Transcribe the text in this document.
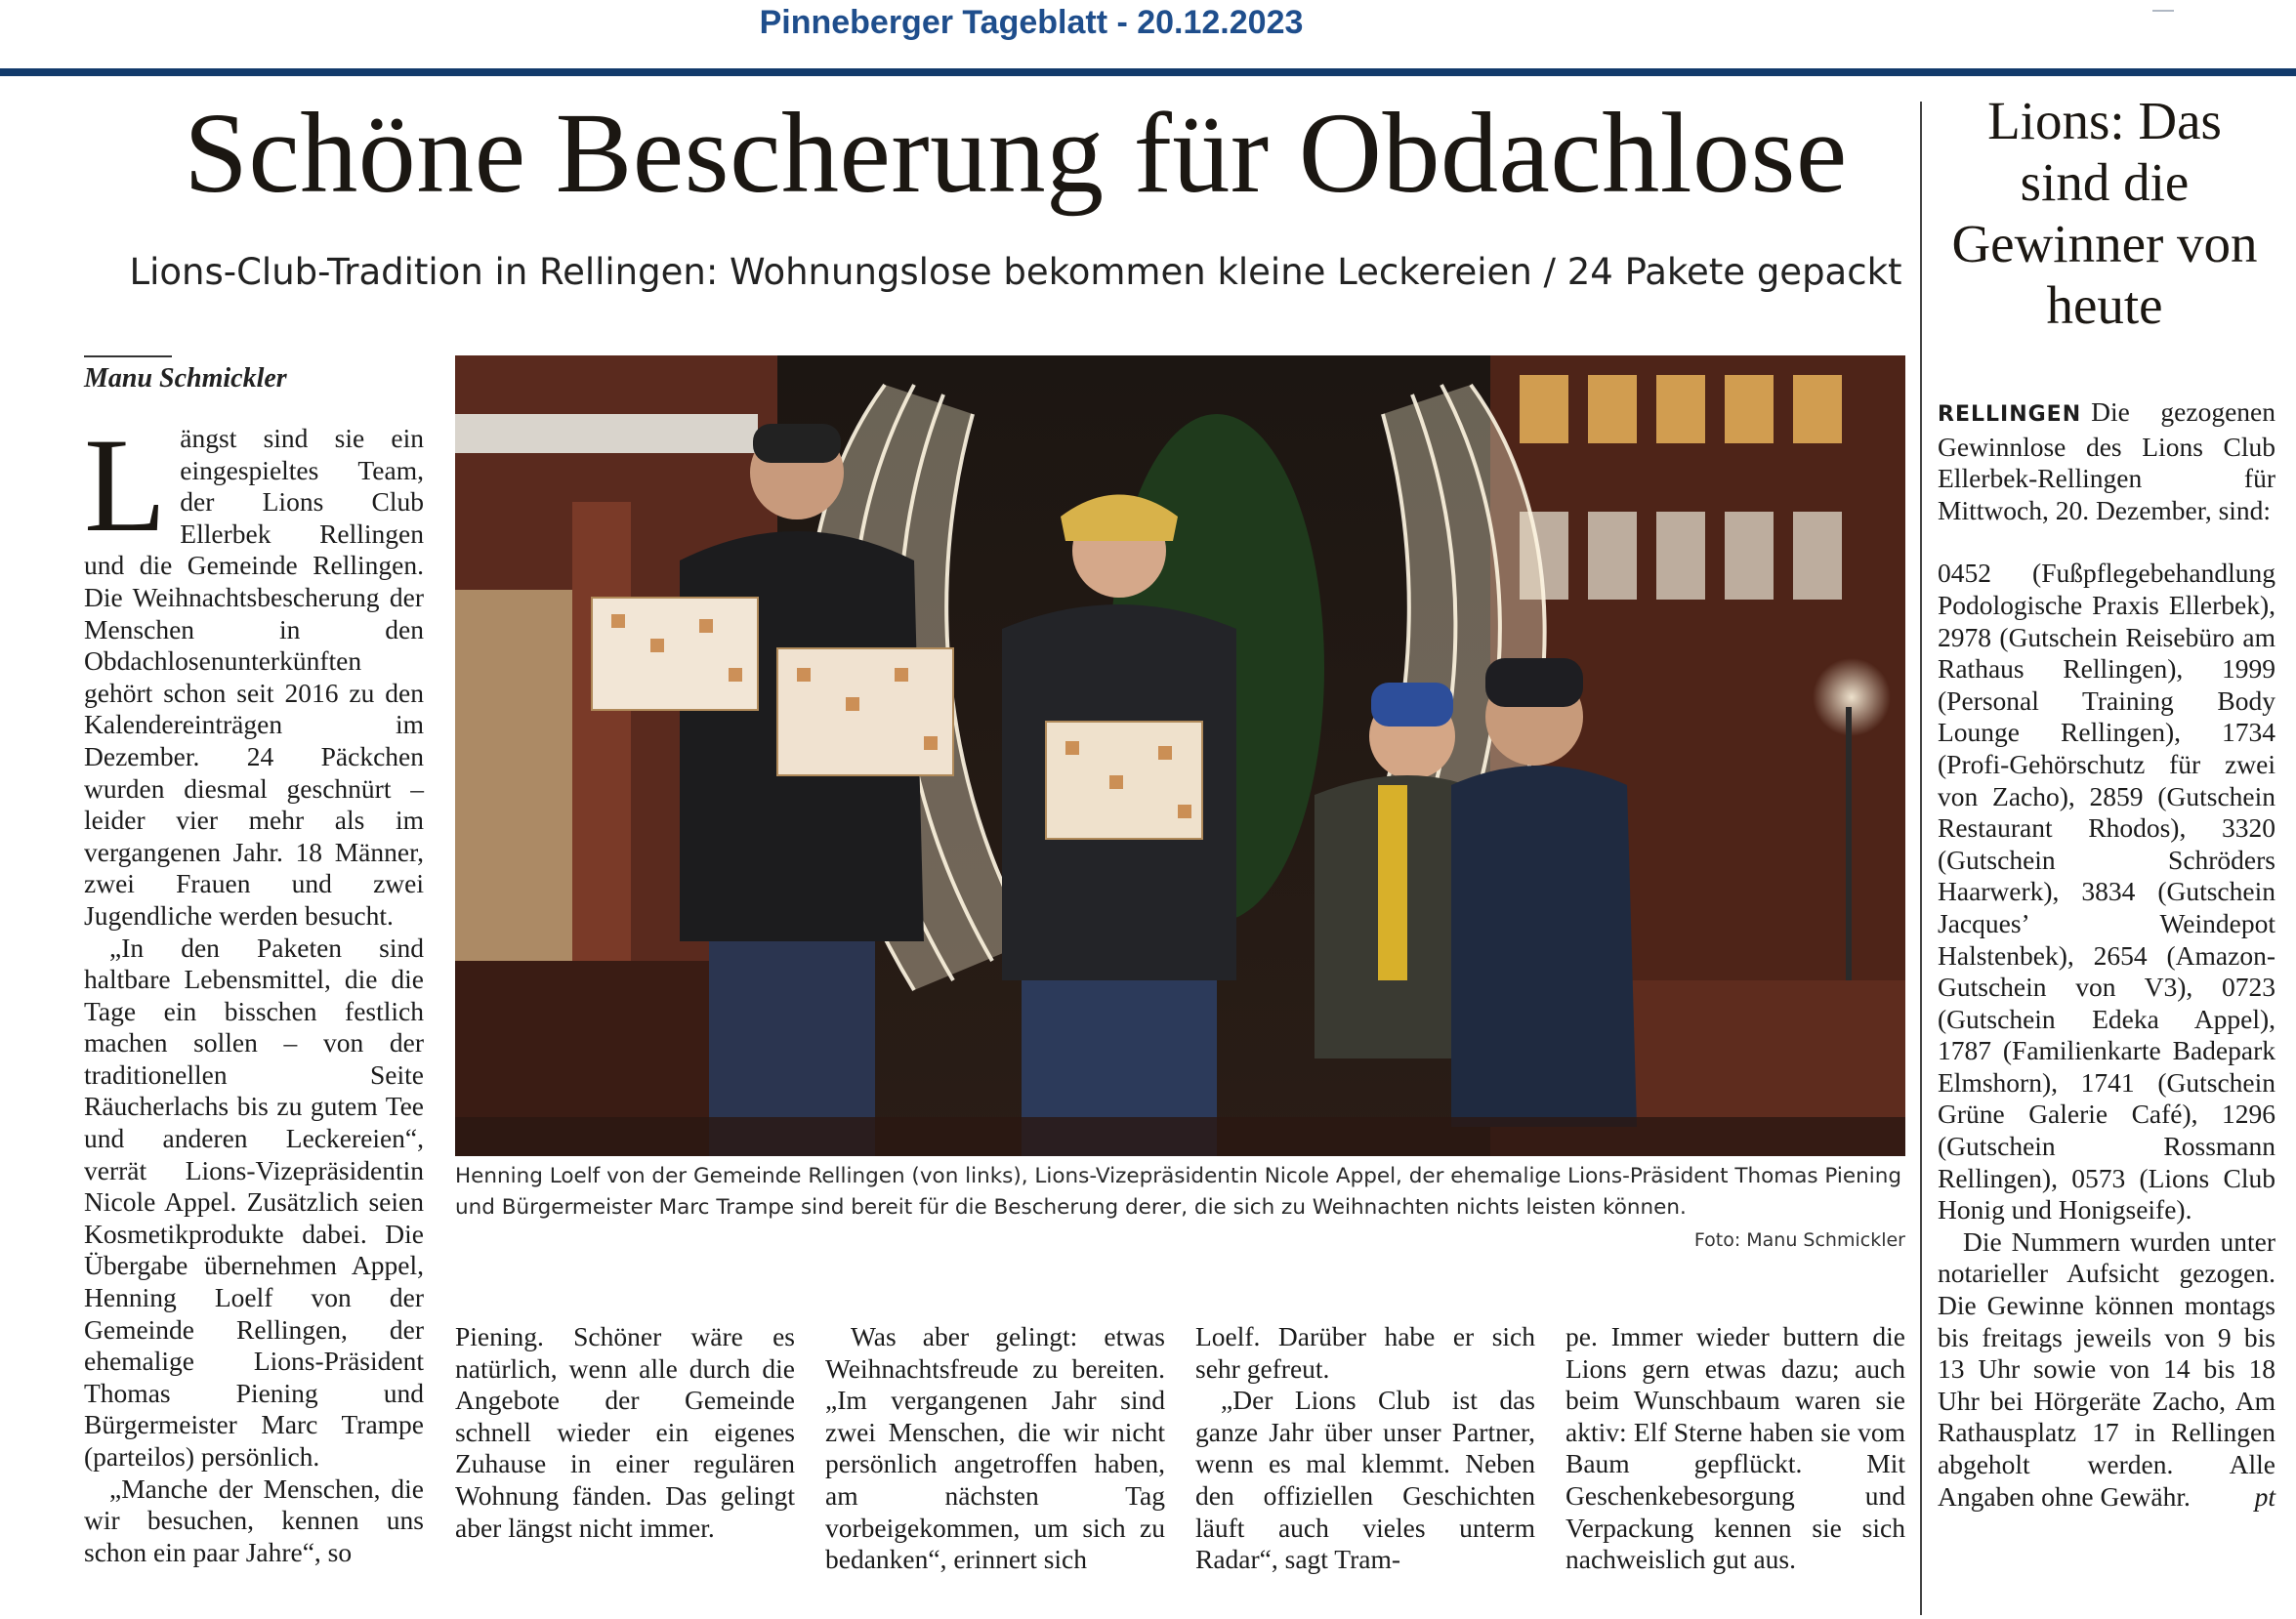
Pinneberger Tageblatt - 20.12.2023
Schöne Bescherung für Obdachlose
Lions-Club-Tradition in Rellingen: Wohnungslose bekommen kleine Leckereien / 24 Pakete gepackt
Manu Schmickler

Längst sind sie ein eingespieltes Team, der Lions Club Ellerbek Rellingen und die Gemeinde Rellingen. Die Weihnachtsbescherung der Menschen in den Obdachlosenunterkünften gehört schon seit 2016 zu den Kalendereinträgen im Dezember. 24 Päckchen wurden diesmal geschnürt – leider vier mehr als im vergangenen Jahr. 18 Männer, zwei Frauen und zwei Jugendliche werden besucht.

„In den Paketen sind haltbare Lebensmittel, die die Tage ein bisschen festlich machen sollen – von der traditionellen Seite Räucherlachs bis zu gutem Tee und anderen Leckereien“, verrät Lions-Vizepräsidentin Nicole Appel. Zusätzlich seien Kosmetikprodukte dabei. Die Übergabe übernehmen Appel, Henning Loelf von der Gemeinde Rellingen, der ehemalige Lions-Präsident Thomas Piening und Bürgermeister Marc Trampe (parteilos) persönlich.

„Manche der Menschen, die wir besuchen, kennen uns schon ein paar Jahre“, so

Henning Loelf von der Gemeinde Rellingen (von links), Lions-Vizepräsidentin Nicole Appel, der ehemalige Lions-Präsident Thomas Piening und Bürgermeister Marc Trampe sind bereit für die Bescherung derer, die sich zu Weihnachten nichts leisten können.
Foto: Manu Schmickler

Piening. Schöner wäre es natürlich, wenn alle durch die Angebote der Gemeinde schnell wieder ein eigenes Zuhause in einer regulären Wohnung fänden. Das gelingt aber längst nicht immer.

Was aber gelingt: etwas Weihnachtsfreude zu bereiten. „Im vergangenen Jahr sind zwei Menschen, die wir nicht persönlich angetroffen haben, am nächsten Tag vorbeigekommen, um sich zu bedanken“, erinnert sich

Loelf. Darüber habe er sich sehr gefreut.

„Der Lions Club ist das ganze Jahr über unser Partner, wenn es mal klemmt. Neben den offiziellen Geschichten läuft auch vieles unterm Radar“, sagt Tram-

pe. Immer wieder buttern die Lions gern etwas dazu; auch beim Wunschbaum waren sie aktiv: Elf Sterne haben sie vom Baum gepflückt. Mit Geschenkebesorgung und Verpackung kennen sie sich nachweislich gut aus.

Lions: Das sind die Gewinner von heute

RELLINGEN Die gezogenen Gewinnlose des Lions Club Ellerbek-Rellingen für Mittwoch, 20. Dezember, sind:

0452 (Fußpflegebehandlung Podologische Praxis Ellerbek), 2978 (Gutschein Reisebüro am Rathaus Rellingen), 1999 (Personal Training Body Lounge Rellingen), 1734 (Profi-Gehörschutz für zwei von Zacho), 2859 (Gutschein Restaurant Rhodos), 3320 (Gutschein Schröders Haarwerk), 3834 (Gutschein Jacques’ Weindepot Halstenbek), 2654 (Amazon-Gutschein von V3), 0723 (Gutschein Edeka Appel), 1787 (Familienkarte Badepark Elmshorn), 1741 (Gutschein Grüne Galerie Café), 1296 (Gutschein Rossmann Rellingen), 0573 (Lions Club Honig und Honigseife).

Die Nummern wurden unter notarieller Aufsicht gezogen. Die Gewinne können montags bis freitags jeweils von 9 bis 13 Uhr sowie von 14 bis 18 Uhr bei Hörgeräte Zacho, Am Rathausplatz 17 in Rellingen abgeholt werden. Alle Angaben ohne Gewähr.	pt
